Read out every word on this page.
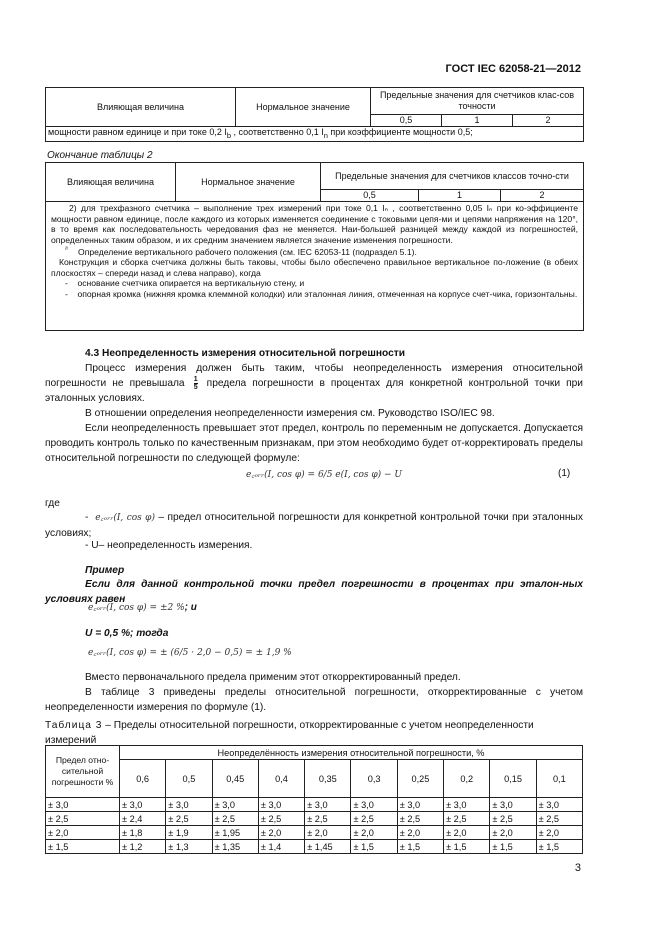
ГОСТ IEC 62058-21—2012
Влияющая величина	Нормальное значение	Предельные значения для счетчиков клас-сов точности		
		0,5	1	2
мощности равном единице и при токе 0,2 $I_b$ , соответственно 0,1 $I_n$ при коэффициенте мощности 0,5;				
Окончание таблицы 2
Влияющая величина	Нормальное значение	Предельные значения для счетчиков классов точно-сти		
		0,5	1	2

2) для трехфазного счетчика – выполнение трех измерений при токе 0,1 Iₙ , соответственно 0,05 Iₙ при ко-эффициенте мощности равном единице, после каждого из которых изменяется соединение с токовыми цепя-ми и цепями напряжения на 120°, в то время как последовательность чередования фаз не меняется. Наи-большей разницей между каждой из погрешностей, определенных таким образом, и их средним значением является значение изменения погрешности.
$^{^{2)}}$ Определение вертикального рабочего положения (см. IEC 62053-11 (подраздел 5.1).
Конструкция и сборка счетчика должны быть таковы, чтобы было обеспечено правильное вертикальное по-ложение (в обеих плоскостях – спереди назад и слева направо), когда
- основание счетчика опирается на вертикальную стену, и
- опорная кромка (нижняя кромка клеммной колодки) или эталонная линия, отмеченная на корпусе счет-чика, горизонтальны.				
4.3 Неопределенность измерения относительной погрешности
Процесс измерения должен быть таким, чтобы неопределенность измерения относительной погрешности не превышала $\frac{1}{5}$ предела погрешности в процентах для конкретной контрольной точки при эталонных условиях.
В отношении определения неопределенности измерения см. Руководство ISO/IEC 98.
Если неопределенность превышает этот предел, контроль по переменным не допускается. Допускается проводить контроль только по качественным признакам, при этом необходимо будет от-корректировать пределы относительной погрешности по следующей формуле:
e꜀ₒᵣᵣ(I, cos φ) = 6/5 e(I, cos φ) − U	(1)
где
- e꜀ₒᵣᵣ(I, cos φ) – предел относительной погрешности для конкретной контрольной точки при эталонных условиях;
- U– неопределенность измерения.
Пример
Если для данной контрольной точки предел погрешности в процентах при эталон-ных условиях равен
e꜀ₒᵣᵣ(I, cos φ) = ±2 %; и
U = 0,5 %; тогда
e꜀ₒᵣᵣ(I, cos φ) = ± (6/5 · 2,0 − 0,5) = ± 1,9 %
Вместо первоначального предела применим этот откорректированный предел.
В таблице 3 приведены пределы относительной погрешности, откорректированные с учетом неопределенности измерения по формуле (1).
Таблица 3 – Пределы относительной погрешности, откорректированные с учетом неопределенности измерений
Предел отно-сительной погрешности %	Неопределённость измерения относительной погрешности, %									
	0,6	0,5	0,45	0,4	0,35	0,3	0,25	0,2	0,15	0,1
± 3,0	± 3,0	± 3,0	± 3,0	± 3,0	± 3,0	± 3,0	± 3,0	± 3,0	± 3,0	± 3,0
± 2,5	± 2,4	± 2,5	± 2,5	± 2,5	± 2,5	± 2,5	± 2,5	± 2,5	± 2,5	± 2,5
± 2,0	± 1,8	± 1,9	± 1,95	± 2,0	± 2,0	± 2,0	± 2,0	± 2,0	± 2,0	± 2,0
± 1,5	± 1,2	± 1,3	± 1,35	± 1,4	± 1,45	± 1,5	± 1,5	± 1,5	± 1,5	± 1,5
3
